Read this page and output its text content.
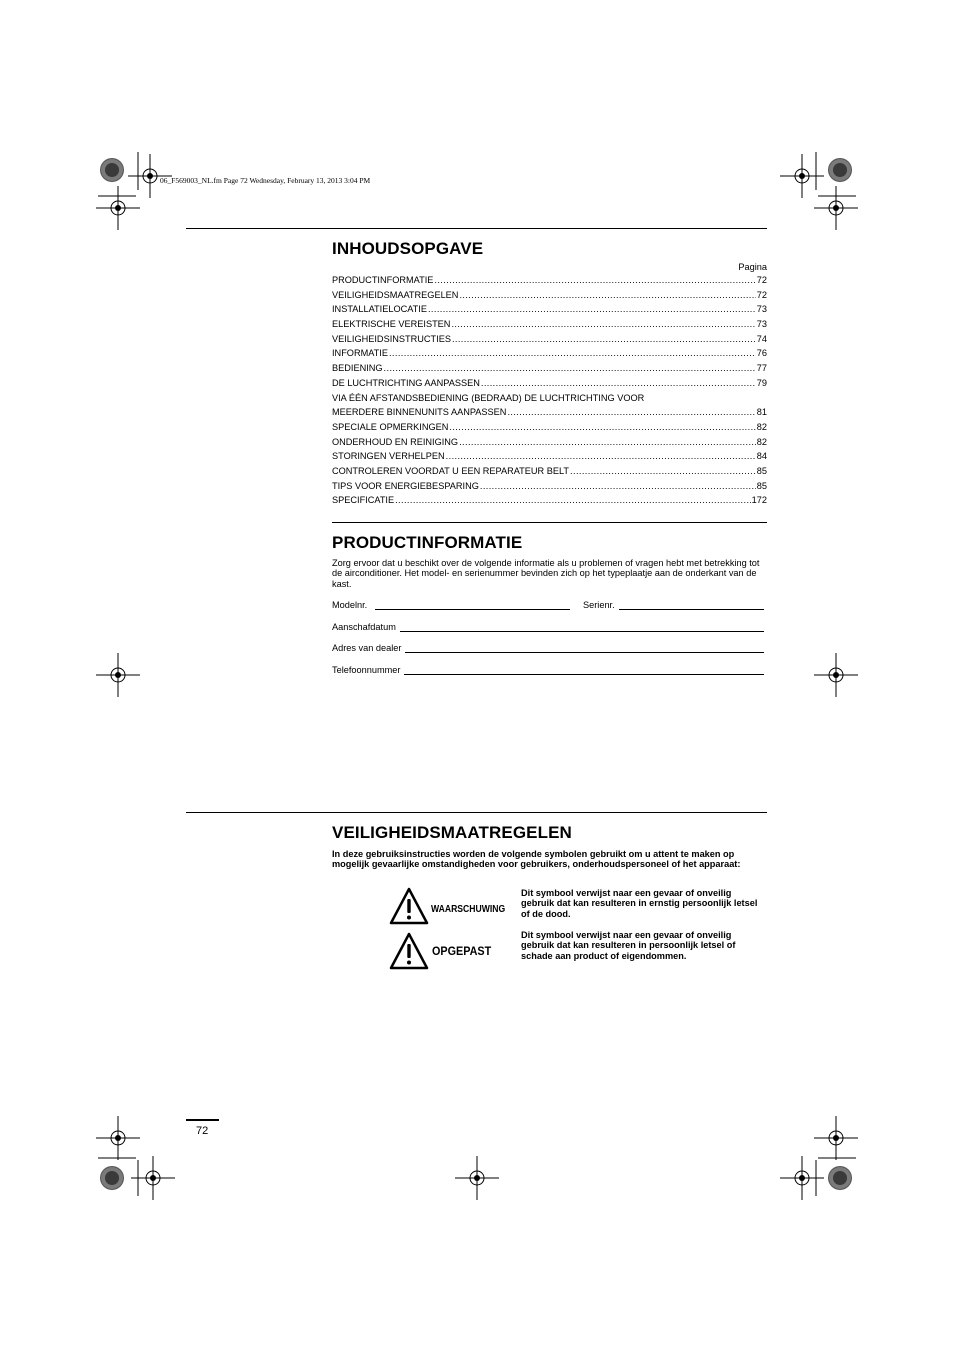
06_F569003_NL.fm Page 72 Wednesday, February 13, 2013 3:04 PM
INHOUDSOPGAVE
Pagina
PRODUCTINFORMATIE .....	72
VEILIGHEIDSMAATREGELEN .....	72
INSTALLATIELOCATIE .....	73
ELEKTRISCHE VEREISTEN .....	73
VEILIGHEIDSINSTRUCTIES .....	74
INFORMATIE .....	76
BEDIENING .....	77
DE LUCHTRICHTING AANPASSEN .....	79
VIA ÉÉN AFSTANDSBEDIENING (BEDRAAD) DE LUCHTRICHTING VOOR
MEERDERE BINNENUNITS AANPASSEN .....	81
SPECIALE OPMERKINGEN .....	82
ONDERHOUD EN REINIGING .....	82
STORINGEN VERHELPEN .....	84
CONTROLEREN VOORDAT U EEN REPARATEUR BELT .....	85
TIPS VOOR ENERGIEBESPARING .....	85
SPECIFICATIE .....	172
PRODUCTINFORMATIE
Zorg ervoor dat u beschikt over de volgende informatie als u problemen of vragen hebt met betrekking tot de airconditioner. Het model- en serienummer bevinden zich op het typeplaatje aan de onderkant van de kast.
Modelnr.	Serienr.
Aanschafdatum
Adres van dealer
Telefoonnummer
VEILIGHEIDSMAATREGELEN
In deze gebruiksinstructies worden de volgende symbolen gebruikt om u attent te maken op mogelijk gevaarlijke omstandigheden voor gebruikers, onderhoudspersoneel of het apparaat:
WAARSCHUWING
OPGEPAST
Dit symbool verwijst naar een gevaar of onveilig gebruik dat kan resulteren in ernstig persoonlijk letsel of de dood.
Dit symbool verwijst naar een gevaar of onveilig gebruik dat kan resulteren in persoonlijk letsel of schade aan product of eigendommen.
72
